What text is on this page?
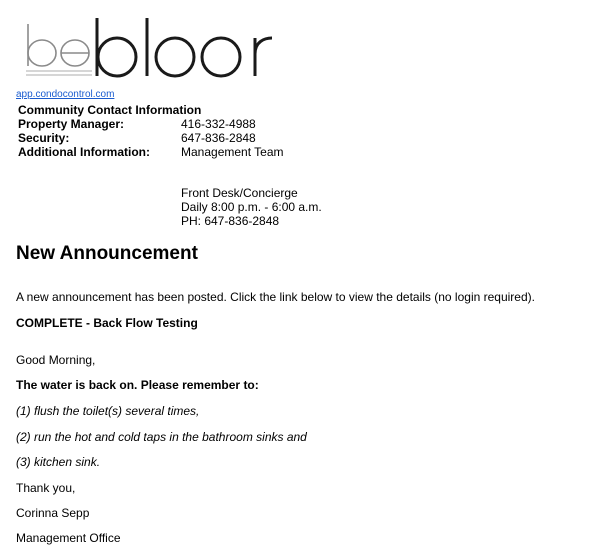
app.condocontrol.com
Community Contact Information	
Property Manager:	416-332-4988
Security:	647-836-2848
Additional Information:	Management Team
Front Desk/Concierge
Daily 8:00 p.m. - 6:00 a.m.
PH: 647-836-2848
New Announcement

A new announcement has been posted. Click the link below to view the details (no login required).

COMPLETE - Back Flow Testing

Good Morning,

The water is back on. Please remember to:

(1) flush the toilet(s) several times,

(2) run the hot and cold taps in the bathroom sinks and

(3) kitchen sink.

Thank you,

Corinna Sepp

Management Office
